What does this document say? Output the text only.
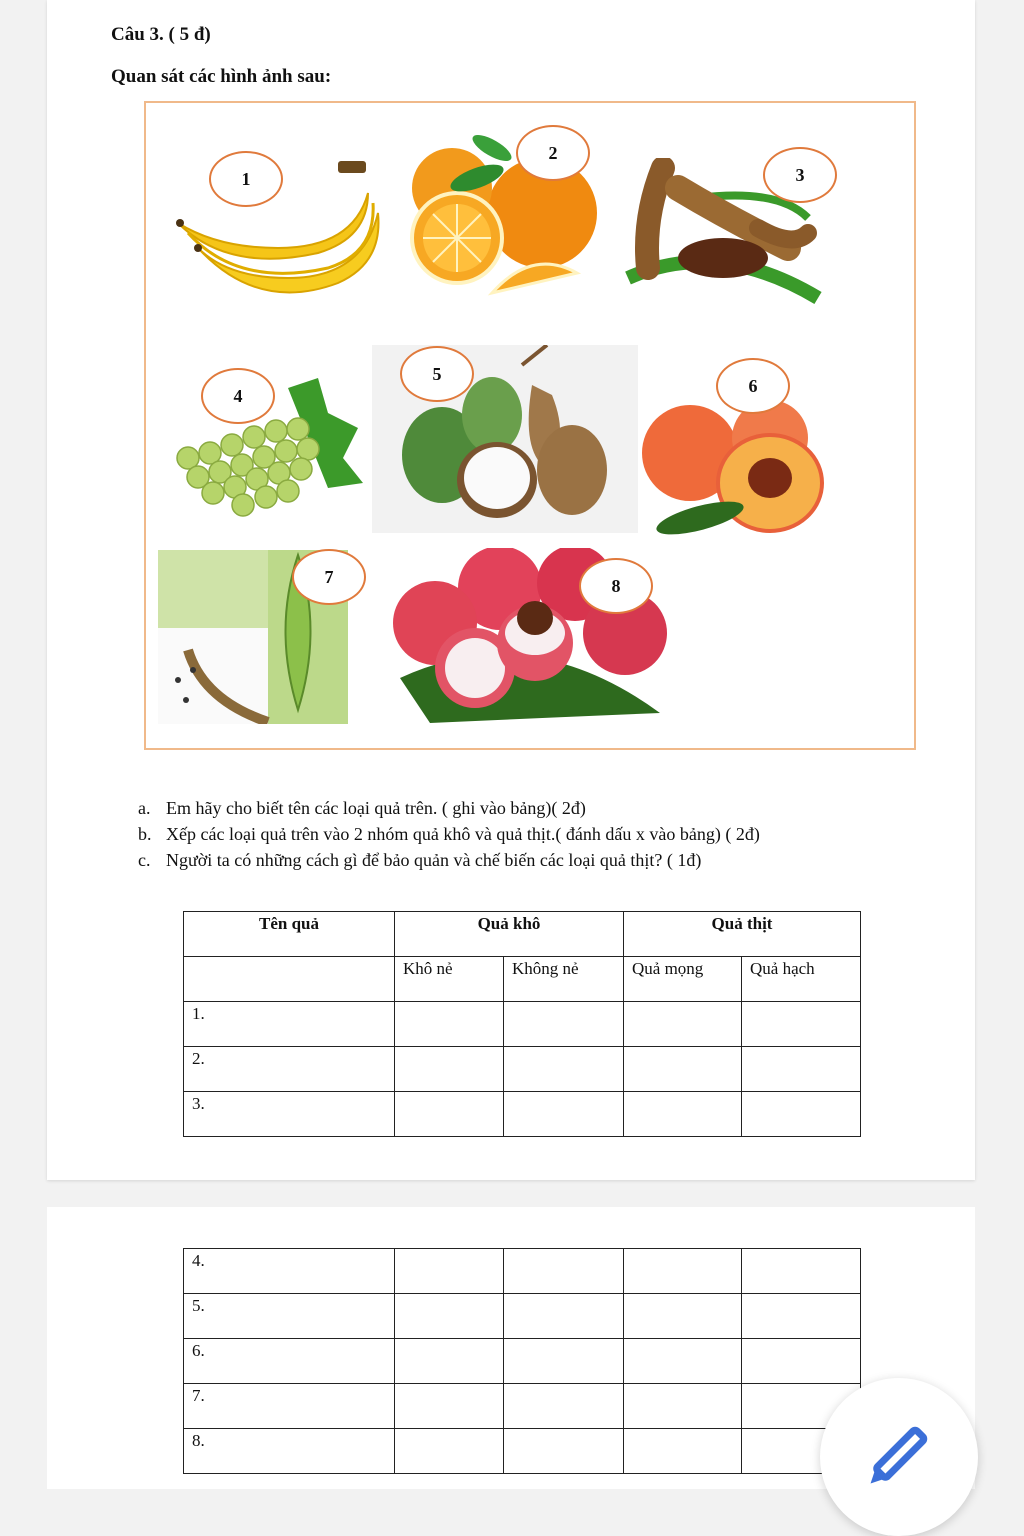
Câu 3. ( 5 đ)
Quan sát các hình ảnh sau:
1
2
3
4
5
6
7	8
a. Em hãy cho biết tên các loại quả trên. ( ghi vào bảng)( 2đ)
b. Xếp các loại quả trên vào 2 nhóm quả khô và quả thịt.( đánh dấu x vào bảng) ( 2đ)
c. Người ta có những cách gì để bảo quản và chế biến các loại quả thịt? ( 1đ)
Tên quả	Quả khô		Quả thịt	
	Khô nẻ	Không nẻ	Quả mọng	Quả hạch
1.				
2.				
3.				
4.				
5.				
6.				
7.				
8.				
